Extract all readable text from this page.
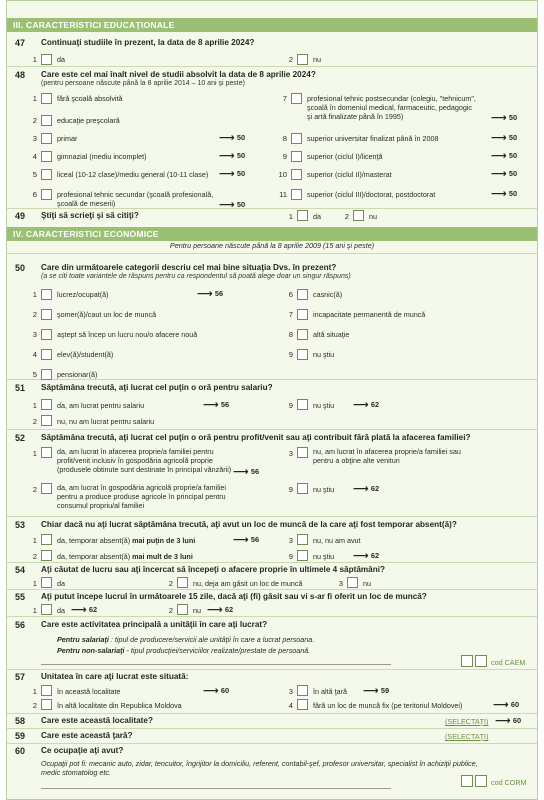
III. CARACTERISTICI EDUCAŢIONALE
47 Continuaţi studiile în prezent, la data de 8 aprilie 2024?
1	da	2	nu
48 Care este cel mai înalt nivel de studii absolvit la data de 8 aprilie 2024?
(pentru persoane născute până la 8 aprilie 2014 – 10 ani şi peste)
49 Ştiţi să scrieţi şi să citiţi?	1	da	2	nu
IV. CARACTERISTICI ECONOMICE
Pentru persoane născute până la 8 aprilie 2009 (15 ani şi peste)
50 Care din următoarele categorii descriu cel mai bine situaţia Dvs. în prezent?
(a se citi toate variantele de răspuns pentru ca respondentul să poată alege doar un singur răspuns)
51 Săptămâna trecută, aţi lucrat cel puţin o oră pentru salariu?
1	da, am lucrat pentru salariu	⟶ 56	9	nu ştiu ⟶ 62
2	nu, nu am lucrat pentru salariu
52 Săptămâna trecută, aţi lucrat cel puţin o oră pentru profit/venit sau aţi contribuit fără plată la afacerea familiei?
1	da, am lucrat în afacerea proprie/a familiei pentru
profit/venit inclusiv în gospodăria agricolă proprie
(produsele obtinute sunt destinate în principal vânzării) ⟶ 56
2	da, am lucrat în gospodăria agricolă proprie/a familiei
pentru a produce produse agricole în principal pentru
consumul propriu/al familiei
3	nu, am lucrat în afacerea proprie/a familiei sau
pentru a obţine alte venituri
9	nu ştiu ⟶ 62
53 Chiar dacă nu aţi lucrat săptămâna trecută, aţi avut un loc de muncă de la care aţi fost temporar absent(ă)?
1	da, temporar absent(ă) mai puţin de 3 luni	⟶ 56
2	da, temporar absent(ă) mai mult de 3 luni
3	nu, nu am avut
9	nu ştiu ⟶ 62
54 Aţi căutat de lucru sau aţi încercat să începeţi o afacere proprie în ultimele 4 săptămâni?
1	da	2	nu, deja am găsit un loc de muncă	3	nu
55 Aţi putut începe lucrul în următoarele 15 zile, dacă aţi (fi) găsit sau vi s-ar fi oferit un loc de muncă?
1	da ⟶ 62	2	nu ⟶ 62
56 Care este activitatea principală a unităţii în care aţi lucrat?
Pentru salariaţi : tipul de producere/servicii ale unităţii în care a lucrat persoana.
Pentru non-salariaţi - tipul producţiei/serviciilor realizate/prestate de persoană.
cod CAEM
57 Unitatea în care aţi lucrat este situată:
1	în această localitate	⟶ 60
2	în altă localitate din Republica Moldova
3	în altă ţară ⟶ 59
4	fără un loc de muncă fix (pe teritoriul Moldovei)	⟶ 60
58 Care este această localitate?	(SELECTAŢI) ⟶ 60
59 Care este această ţară?	(SELECTAŢI)
60 Ce ocupaţie aţi avut?
Ocupaţii pot fi: mecanic auto, zidar, tencuitor, îngrijitor la domiciliu, referent, contabil-şef, profesor universitar, specialist în achiziţii publice,
medic stomatolog etc.
cod CORM
1	fără şcoală absolvită
2	educaţie preşcolară
3	primar	⟶ 50
4	gimnazial (mediu incomplet)	⟶ 50
5	liceal (10-12 clase)/mediu general (10-11 clase) ⟶ 50
6	profesional tehnic secundar (şcoală profesională,
şcoală de meserii)	⟶ 50
7	profesional tehnic postsecundar (colegiu, "tehnicum",
şcoală în domeniul medical, farmaceutic, pedagogic
şi artă finalizate până în 1995)	⟶ 50
8	superior universitar finalizat până în 2008	⟶ 50
9	superior (ciclul I)/licenţă	⟶ 50
10	superior (ciclul II)/masterat	⟶ 50
11	superior (ciclul III)/doctorat, postdoctorat	⟶ 50
1	lucrez/ocupat(ă)	⟶ 56
2	şomer(ă)/caut un loc de muncă
3	aştept să încep un lucru nou/o afacere nouă
4	elev(ă)/student(ă)
5	pensionar(ă)
6	casnic(ă)
7	incapacitate permanentă de muncă
8	altă situaţie
9	nu ştiu
